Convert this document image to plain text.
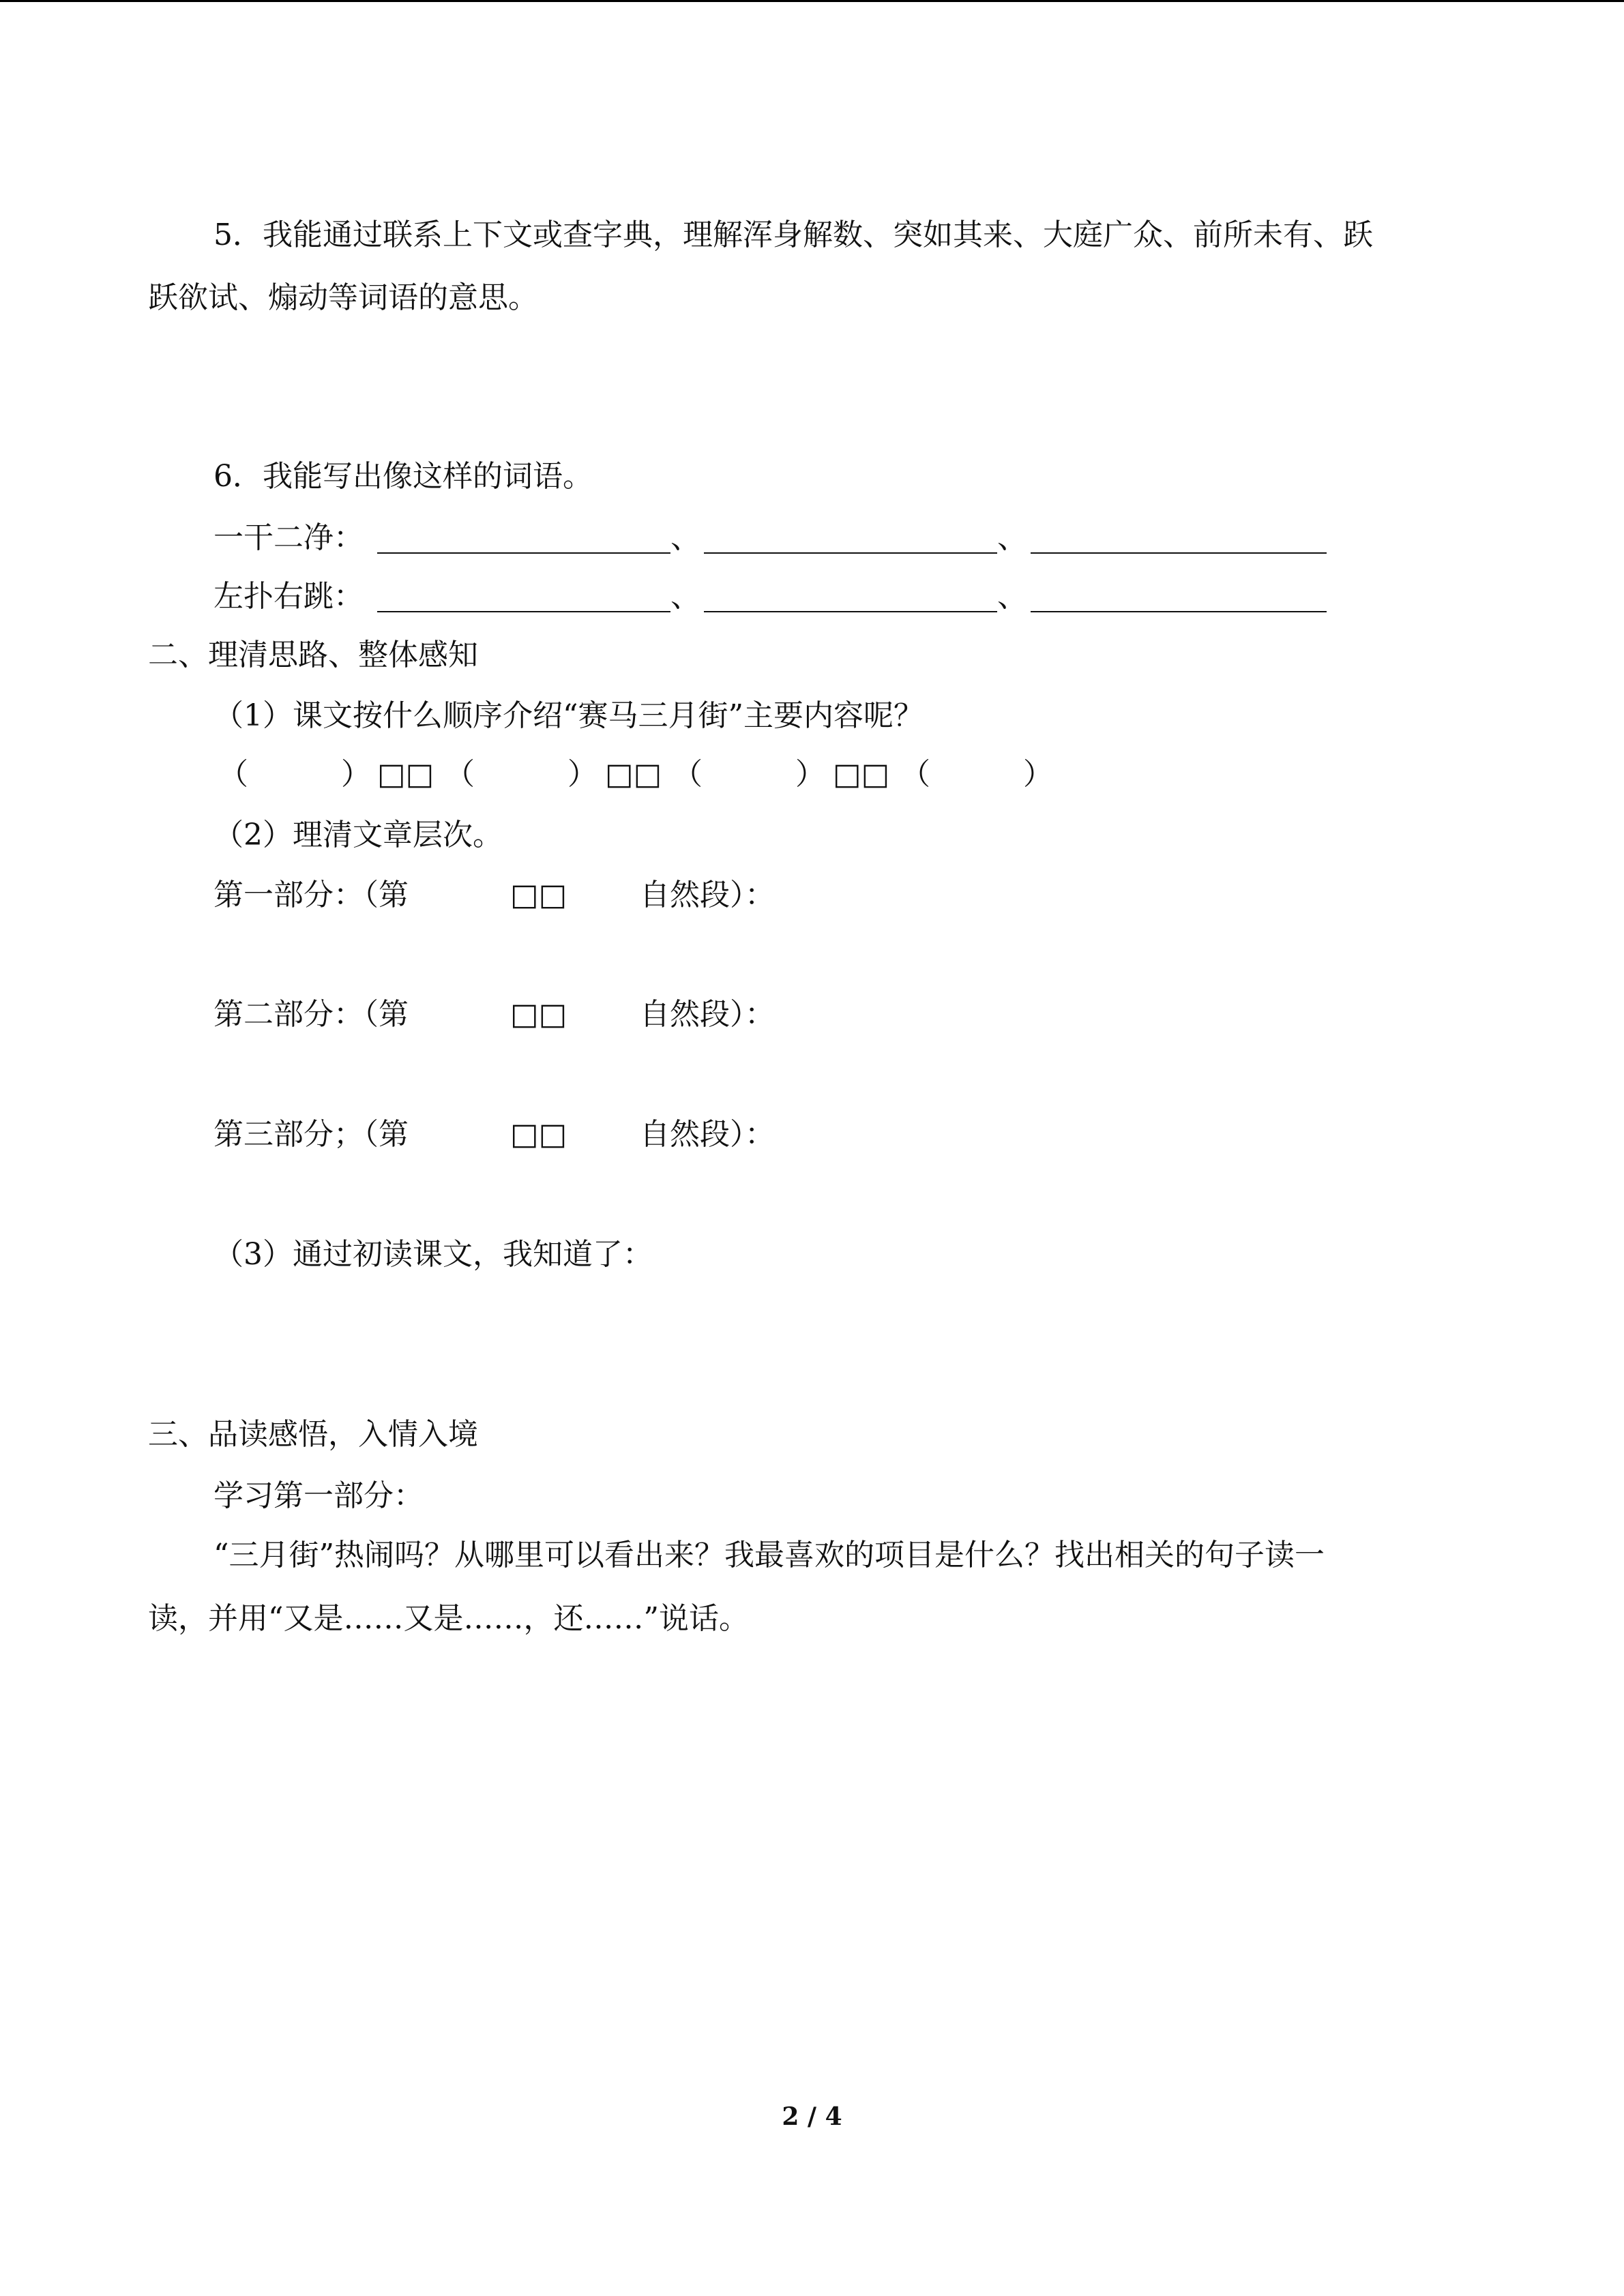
5．我能通过联系上下文或查字典，理解浑身解数、突如其来、大庭广众、前所未有、跃
跃欲试、煽动等词语的意思。
6．我能写出像这样的词语。
一干二净：	、	、
左扑右跳：	、	、
二、理清思路、整体感知
（1）课文按什么顺序介绍“赛马三月街”主要内容呢？
（	） □□ （	） □□ （	） □□ （	）
（2）理清文章层次。
第一部分：（第	□□ 自然段）：
第二部分：（第	□□ 自然段）：
第三部分；（第	□□ 自然段）：
（3）通过初读课文，我知道了：
三、品读感悟，入情入境
学习第一部分：
“三月街”热闹吗？从哪里可以看出来？我最喜欢的项目是什么？找出相关的句子读一
读，并用“又是……又是……，还……”说话。
2 / 4
